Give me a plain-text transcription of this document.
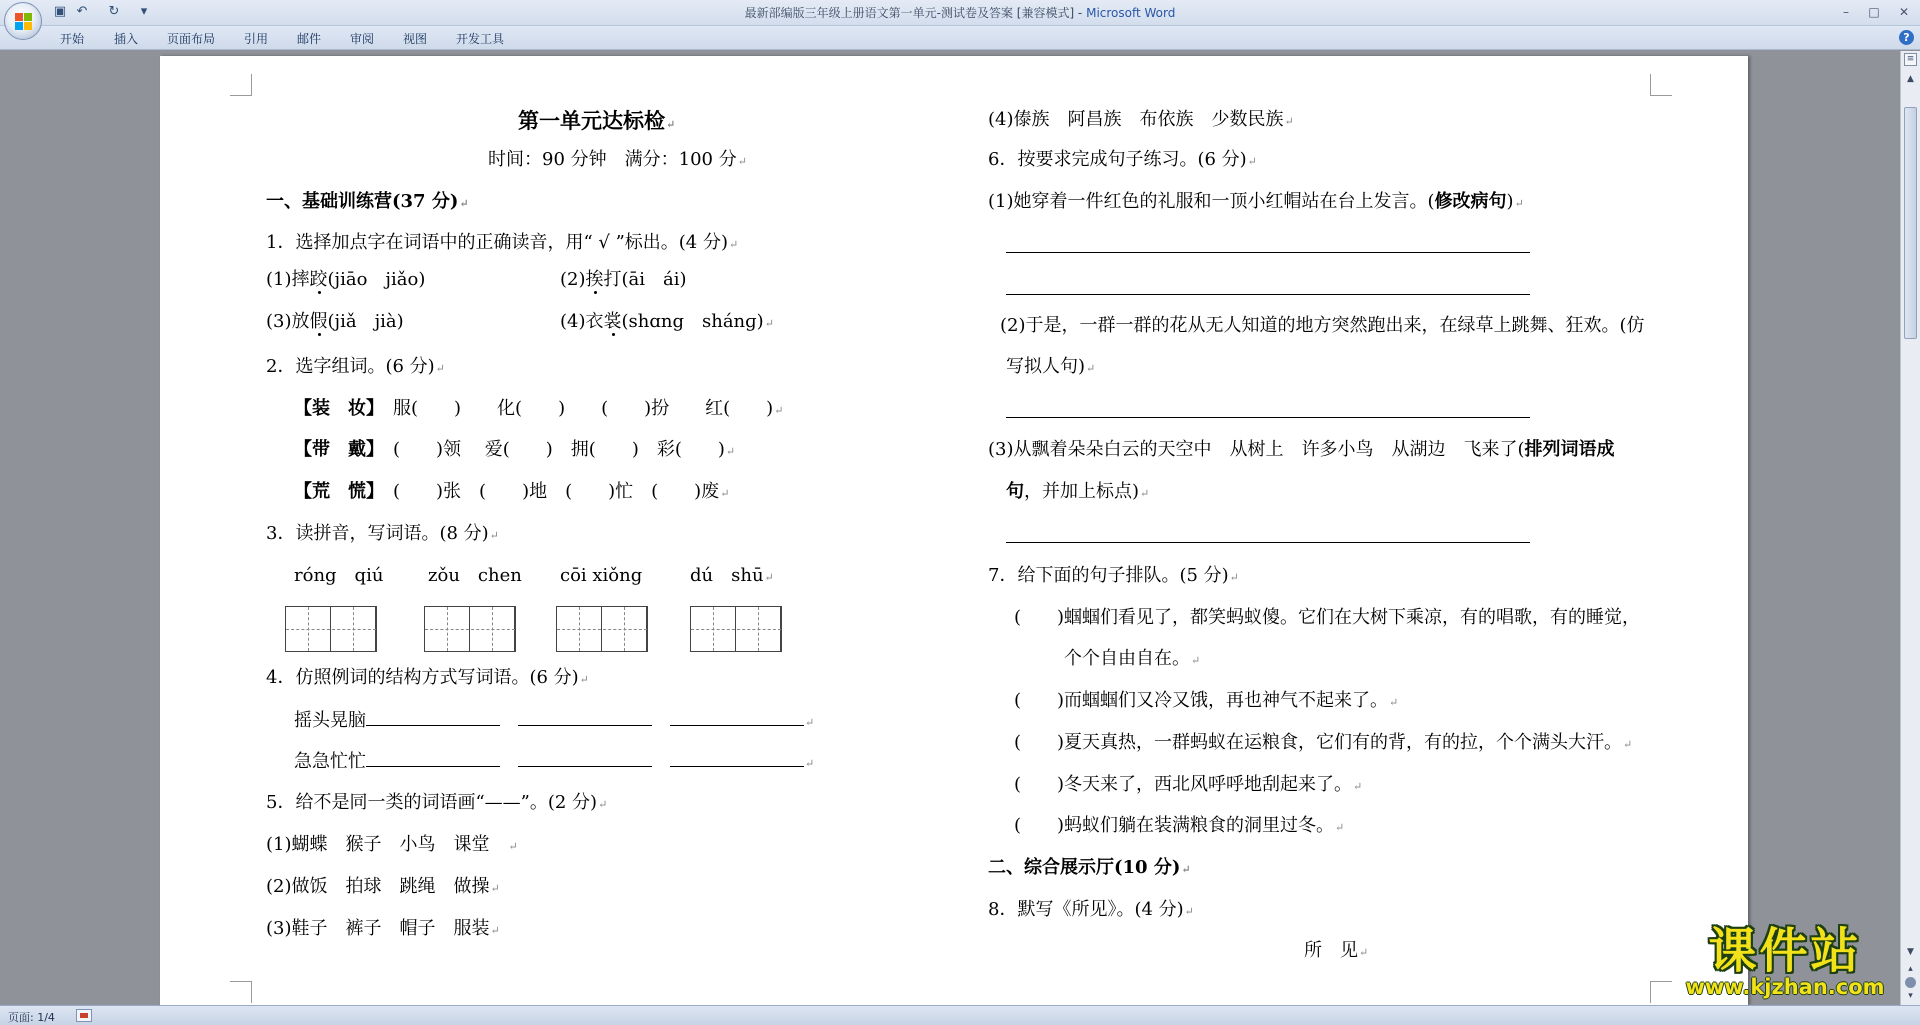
▣ ↶ ↻	▾	最新部编版三年级上册语文第一单元-测试卷及答案 [兼容模式] - Microsoft Word	–	□	✕
开始 插入 页面布局 引用 邮件 审阅 视图 开发工具	?
≡
▲
▼
▴
▾
第一单元达标检↵
时间：90 分钟　满分：100 分↵
一、基础训练营(37 分)↵
1．选择加点字在词语中的正确读音，用“ √ ”标出。(4 分)↵
(1)摔跤(jiāo　jiǎo)	(2)挨打(āi　ái)
(3)放假(jiǎ　jià)	(4)衣裳(shɑng　shánɡ)↵
2．选字组词。(6 分)↵
【装　妆】　 服(　　)　　化(　　)　　(　　)扮　　红(　　)↵
【带　戴】　 (　　)领　 爱(　　)　拥(　　)　彩(　　)↵
【荒　慌】　 (　　)张　(　　)地　(　　)忙　(　　)废↵
3．读拼音，写词语。(8 分)↵
róng　qiú zǒu　chen cōi xiǒng	dú　shū↵
4．仿照例词的结构方式写词语。(6 分)↵
摇头晃脑　　	↵
急急忙忙　　	↵
5．给不是同一类的词语画“——”。(2 分)↵
(1)蝴蝶　猴子　小鸟　课堂　 ↵
(2)做饭　拍球　跳绳　做操↵
(3)鞋子　裤子　帽子　服装↵
(4)傣族　阿昌族　布依族　少数民族↵
6．按要求完成句子练习。(6 分)↵
(1)她穿着一件红色的礼服和一顶小红帽站在台上发言。(修改病句)↵
(2)于是，一群一群的花从无人知道的地方突然跑出来，在绿草上跳舞、狂欢。(仿
写拟人句)↵
(3)从飘着朵朵白云的天空中　从树上　许多小鸟　从湖边　飞来了(排列词语成
句，并加上标点)↵
7．给下面的句子排队。(5 分)↵
(　　)蝈蝈们看见了，都笑蚂蚁傻。它们在大树下乘凉，有的唱歌，有的睡觉，
个个自由自在。↵
(　　)而蝈蝈们又冷又饿，再也神气不起来了。↵
(　　)夏天真热，一群蚂蚁在运粮食，它们有的背，有的拉，个个满头大汗。↵
(　　)冬天来了，西北风呼呼地刮起来了。↵
(　　)蚂蚁们躺在装满粮食的洞里过冬。↵
二、综合展示厅(10 分)↵
8．默写《所见》。(4 分)↵
所　见↵
页面: 1/4
课件站
www.kjzhan.com
